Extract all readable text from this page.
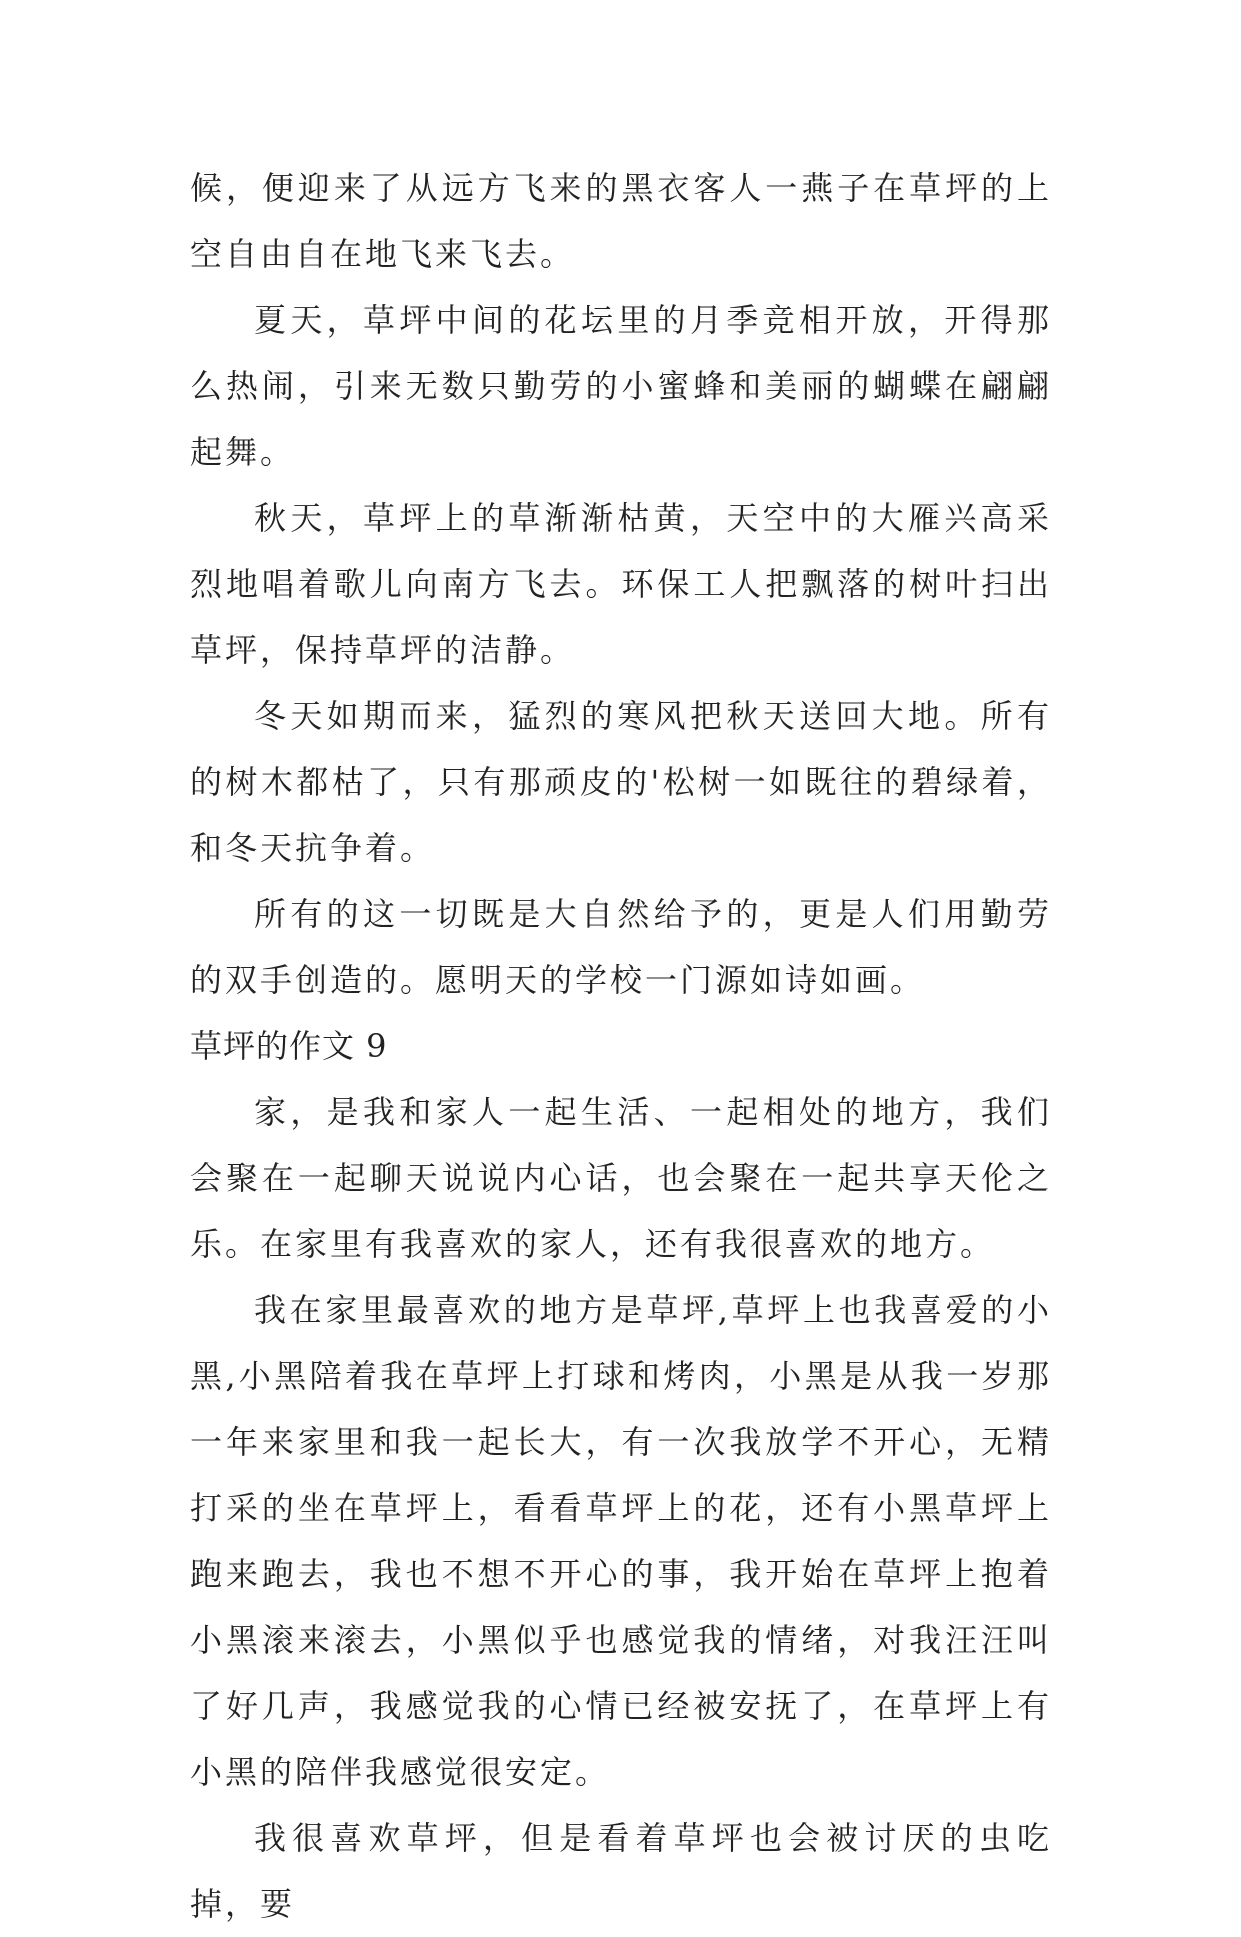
候，便迎来了从远方飞来的黑衣客人一燕子在草坪的上空自由自在地飞来飞去。

夏天，草坪中间的花坛里的月季竞相开放，开得那么热闹，引来无数只勤劳的小蜜蜂和美丽的蝴蝶在翩翩起舞。

秋天，草坪上的草渐渐枯黄，天空中的大雁兴高采烈地唱着歌儿向南方飞去。环保工人把飘落的树叶扫出草坪，保持草坪的洁静。

冬天如期而来，猛烈的寒风把秋天送回大地。所有的树木都枯了，只有那顽皮的'松树一如既往的碧绿着，和冬天抗争着。

所有的这一切既是大自然给予的，更是人们用勤劳的双手创造的。愿明天的学校一门源如诗如画。

草坪的作文 9

家，是我和家人一起生活、一起相处的地方，我们会聚在一起聊天说说内心话，也会聚在一起共享天伦之乐。在家里有我喜欢的家人，还有我很喜欢的地方。

我在家里最喜欢的地方是草坪,草坪上也我喜爱的小黑,小黑陪着我在草坪上打球和烤肉，小黑是从我一岁那一年来家里和我一起长大，有一次我放学不开心，无精打采的坐在草坪上，看看草坪上的花，还有小黑草坪上跑来跑去，我也不想不开心的事，我开始在草坪上抱着小黑滚来滚去，小黑似乎也感觉我的情绪，对我汪汪叫了好几声，我感觉我的心情已经被安抚了，在草坪上有小黑的陪伴我感觉很安定。

我很喜欢草坪，但是看着草坪也会被讨厌的虫吃掉，要
